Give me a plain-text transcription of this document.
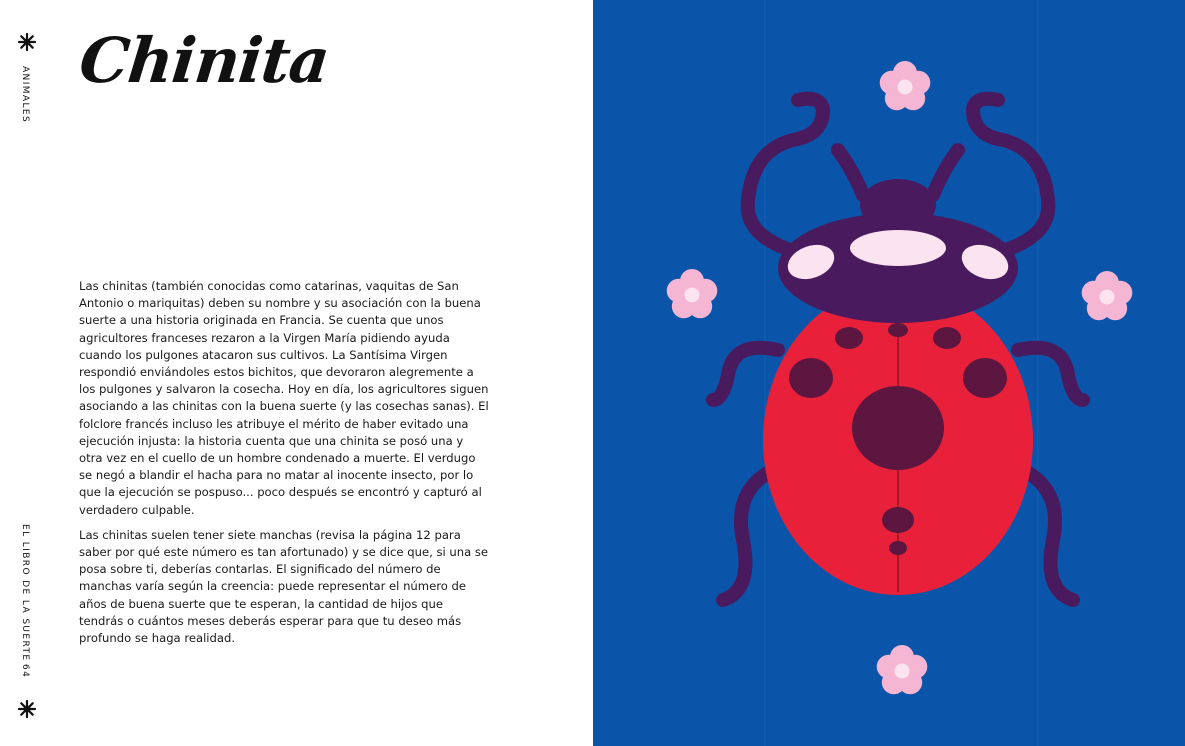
ANIMALES Chinita

Las chinitas (también conocidas como catarinas, vaquitas de San Antonio o mariquitas) deben su nombre y su asociación con la buena suerte a una historia originada en Francia. Se cuenta que unos agricultores franceses rezaron a la Virgen María pidiendo ayuda cuando los pulgones atacaron sus cultivos. La Santísima Virgen respondió enviándoles estos bichitos, que devoraron alegremente a los pulgones y salvaron la cosecha. Hoy en día, los agricultores siguen asociando a las chinitas con la buena suerte (y las cosechas sanas). El folclore francés incluso les atribuye el mérito de haber evitado una ejecución injusta: la historia cuenta que una chinita se posó una y otra vez en el cuello de un hombre condenado a muerte. El verdugo se negó a blandir el hacha para no matar al inocente insecto, por lo que la ejecución se pospuso... poco después se encontró y capturó al verdadero culpable.

Las chinitas suelen tener siete manchas (revisa la página 12 para saber por qué este número es tan afortunado) y se dice que, si una se posa sobre ti, deberías contarlas. El significado del número de manchas varía según la creencia: puede representar el número de años de buena suerte que te esperan, la cantidad de hijos que tendrás o cuántos meses deberás esperar para que tu deseo más profundo se haga realidad.

EL LIBRO DE LA SUERTE
64
